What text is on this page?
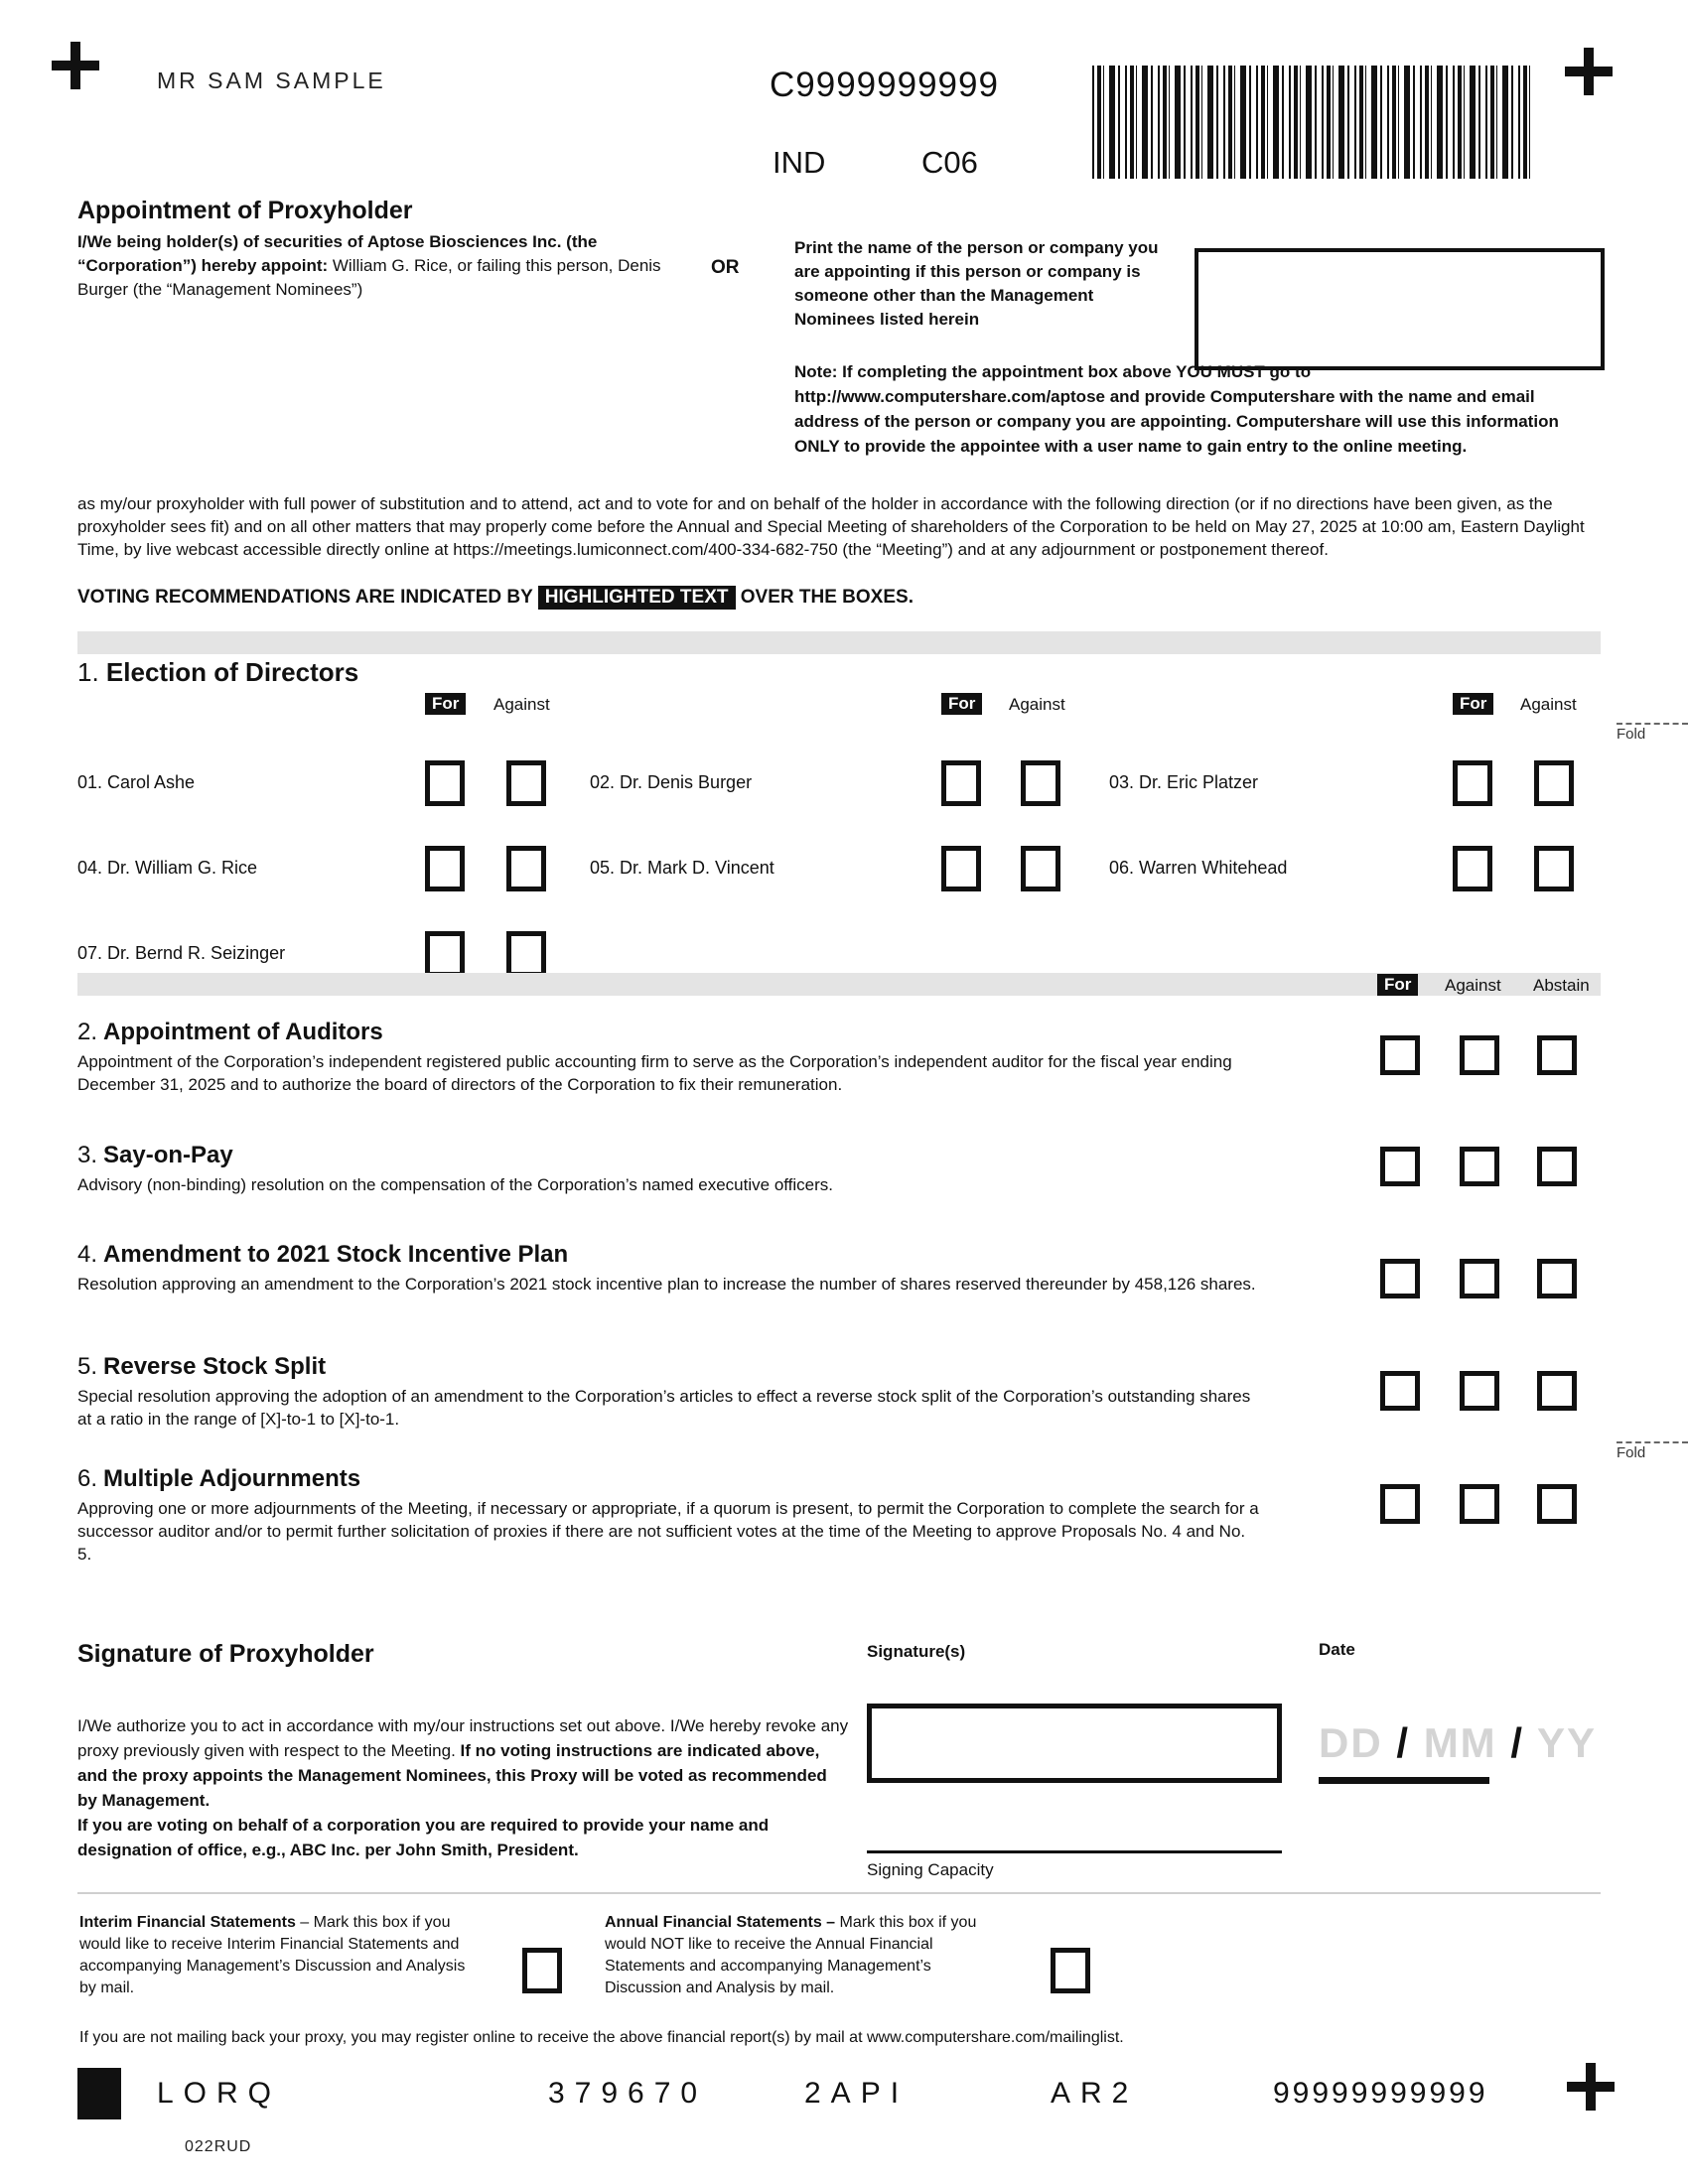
MR SAM SAMPLE	C9999999999
IND	C06
Appointment of Proxyholder
I/We being holder(s) of securities of Aptose Biosciences Inc. (the “Corporation”) hereby appoint: William G. Rice, or failing this person, Denis Burger (the “Management Nominees”)
OR
Print the name of the person or company you are appointing if this person or company is someone other than the Management Nominees listed herein
Note: If completing the appointment box above YOU MUST go to http://www.computershare.com/aptose and provide Computershare with the name and email address of the person or company you are appointing. Computershare will use this information ONLY to provide the appointee with a user name to gain entry to the online meeting.
as my/our proxyholder with full power of substitution and to attend, act and to vote for and on behalf of the holder in accordance with the following direction (or if no directions have been given, as the proxyholder sees fit) and on all other matters that may properly come before the Annual and Special Meeting of shareholders of the Corporation to be held on May 27, 2025 at 10:00 am, Eastern Daylight Time, by live webcast accessible directly online at https://meetings.lumiconnect.com/400-334-682-750 (the “Meeting”) and at any adjournment or postponement thereof.
VOTING RECOMMENDATIONS ARE INDICATED BY HIGHLIGHTED TEXT OVER THE BOXES.
1. Election of Directors
Fold
For	Against	For	Against	For	Against
01. Carol Ashe	02. Dr. Denis Burger	03. Dr. Eric Platzer
04. Dr. William G. Rice	05. Dr. Mark D. Vincent	06. Warren Whitehead
07. Dr. Bernd R. Seizinger
For	Against Abstain
2. Appointment of Auditors
Appointment of the Corporation’s independent registered public accounting firm to serve as the Corporation’s independent auditor for the fiscal year ending December 31, 2025 and to authorize the board of directors of the Corporation to fix their remuneration.
3. Say-on-Pay
Advisory (non-binding) resolution on the compensation of the Corporation’s named executive officers.
4. Amendment to 2021 Stock Incentive Plan
Resolution approving an amendment to the Corporation’s 2021 stock incentive plan to increase the number of shares reserved thereunder by 458,126 shares.
5. Reverse Stock Split
Special resolution approving the adoption of an amendment to the Corporation’s articles to effect a reverse stock split of the Corporation’s outstanding shares at a ratio in the range of [X]-to-1 to [X]-to-1.
Fold
6. Multiple Adjournments
Approving one or more adjournments of the Meeting, if necessary or appropriate, if a quorum is present, to permit the Corporation to complete the search for a successor auditor and/or to permit further solicitation of proxies if there are not sufficient votes at the time of the Meeting to approve Proposals No. 4 and No. 5.
Signature of Proxyholder	Signature(s)	Date
I/We authorize you to act in accordance with my/our instructions set out above. I/We hereby revoke any proxy previously given with respect to the Meeting. If no voting instructions are indicated above, and the proxy appoints the Management Nominees, this Proxy will be voted as recommended by Management.
If you are voting on behalf of a corporation you are required to provide your name and designation of office, e.g., ABC Inc. per John Smith, President.
DD / MM / YY
Signing Capacity
Interim Financial Statements – Mark this box if you would like to receive Interim Financial Statements and accompanying Management’s Discussion and Analysis by mail.
Annual Financial Statements – Mark this box if you would NOT like to receive the Annual Financial Statements and accompanying Management’s Discussion and Analysis by mail.
If you are not mailing back your proxy, you may register online to receive the above financial report(s) by mail at www.computershare.com/mailinglist.
LORQ	379670	2API	AR2	99999999999
022RUD
